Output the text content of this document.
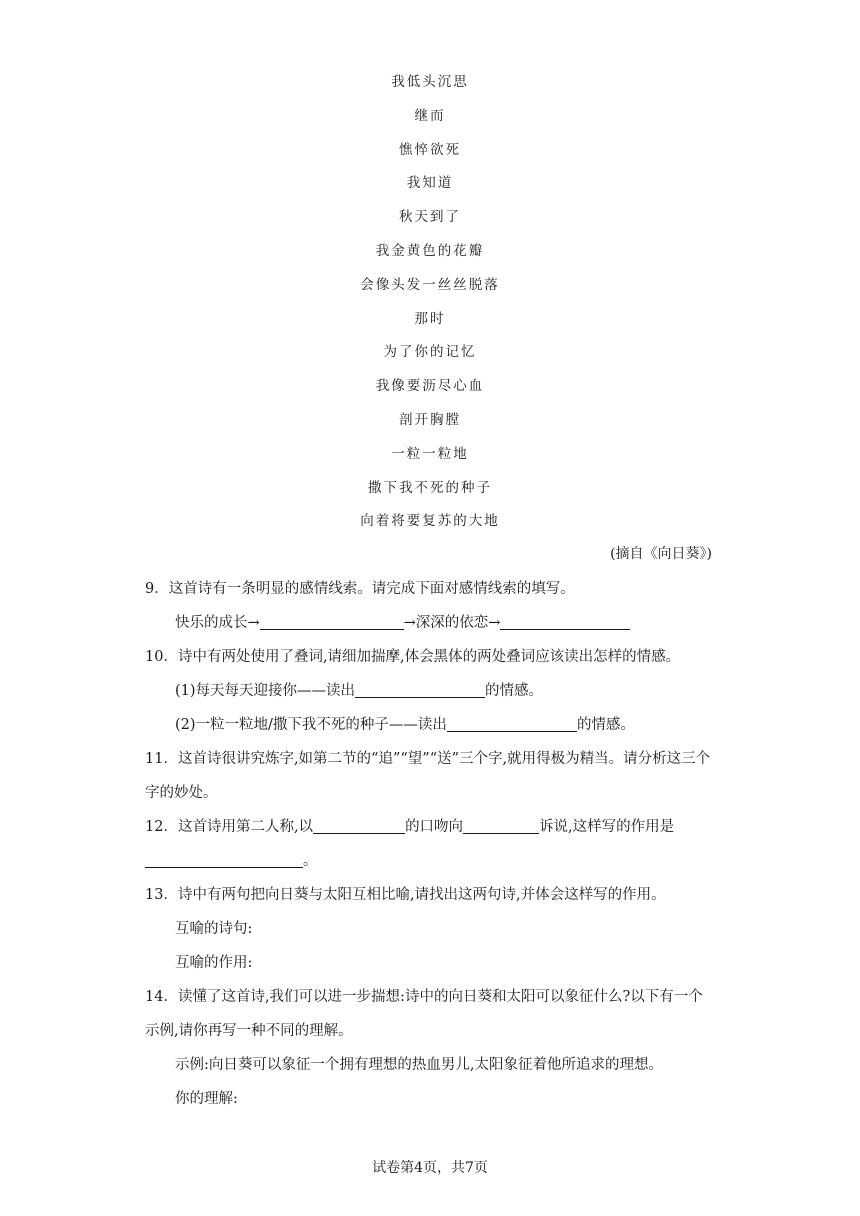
我低头沉思
继而
憔悴欲死
我知道
秋天到了
我金黄色的花瓣
会像头发一丝丝脱落
那时
为了你的记忆
我像要沥尽心血
剖开胸膛
一粒一粒地
撒下我不死的种子
向着将要复苏的大地
(摘自《向日葵》)
9．这首诗有一条明显的感情线索。请完成下面对感情线索的填写。
快乐的成长→	→深深的依恋→
10．诗中有两处使用了叠词,请细加揣摩,体会黑体的两处叠词应该读出怎样的情感。
(1)每天每天迎接你——读出	的情感。
(2)一粒一粒地/撒下我不死的种子——读出	的情感。
11．这首诗很讲究炼字,如第二节的“追”“望”“送”三个字,就用得极为精当。请分析这三个
字的妙处。
12．这首诗用第二人称,以	的口吻向	诉说,这样写的作用是
。
13．诗中有两句把向日葵与太阳互相比喻,请找出这两句诗,并体会这样写的作用。
互喻的诗句:
互喻的作用:
14．读懂了这首诗,我们可以进一步揣想:诗中的向日葵和太阳可以象征什么?以下有一个
示例,请你再写一种不同的理解。
示例:向日葵可以象征一个拥有理想的热血男儿,太阳象征着他所追求的理想。
你的理解:
试卷第4页，共7页
